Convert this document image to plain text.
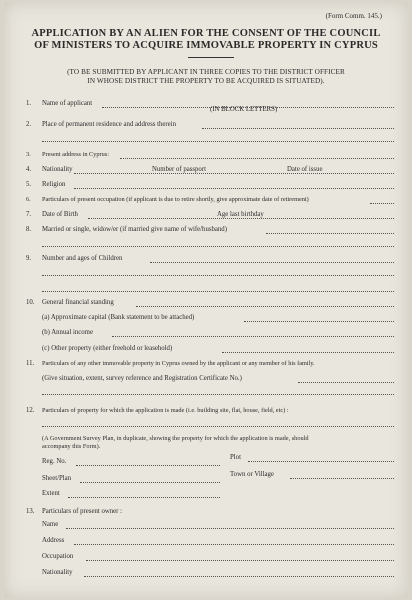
(Form Comm. 145.)
APPLICATION BY AN ALIEN FOR THE CONSENT OF THE COUNCIL
OF MINISTERS TO ACQUIRE IMMOVABLE PROPERTY IN CYPRUS
(TO BE SUBMITTED BY APPLICANT IN THREE COPIES TO THE DISTRICT OFFICER
IN WHOSE DISTRICT THE PROPERTY TO BE ACQUIRED IS SITUATED).
1. Name of applicant
(IN BLOCK LETTERS)
2. Place of permanent residence and address therein
3. Present address in Cyprus:
4. Nationality	Number of passport	Date of issue
5. Religion
6. Particulars of present occupation (if applicant is due to retire shortly, give approximate date of retirement)
7. Date of Birth	Age last birthday
8. Married or single, widow/er (if married give name of wife/husband)
9. Number and ages of Children
10. General financial standing
(a) Approximate capital (Bank statement to be attached)
(b) Annual income
(c) Other property (either freehold or leasehold)
11. Particulars of any other immovable property in Cyprus owned by the applicant or any member of his family.
(Give situation, extent, survey reference and Registration Certificate No.)
12. Particulars of property for which the application is made (i.e. building site, flat, house, field, etc) :
(A Government Survey Plan, in duplicate, showing the property for which the application is made, should
accompany this Form).
Reg. No.
Plot
Sheet/Plan
Town or Village
Extent
13. Particulars of present owner :
Name
Address
Occupation
Nationality
